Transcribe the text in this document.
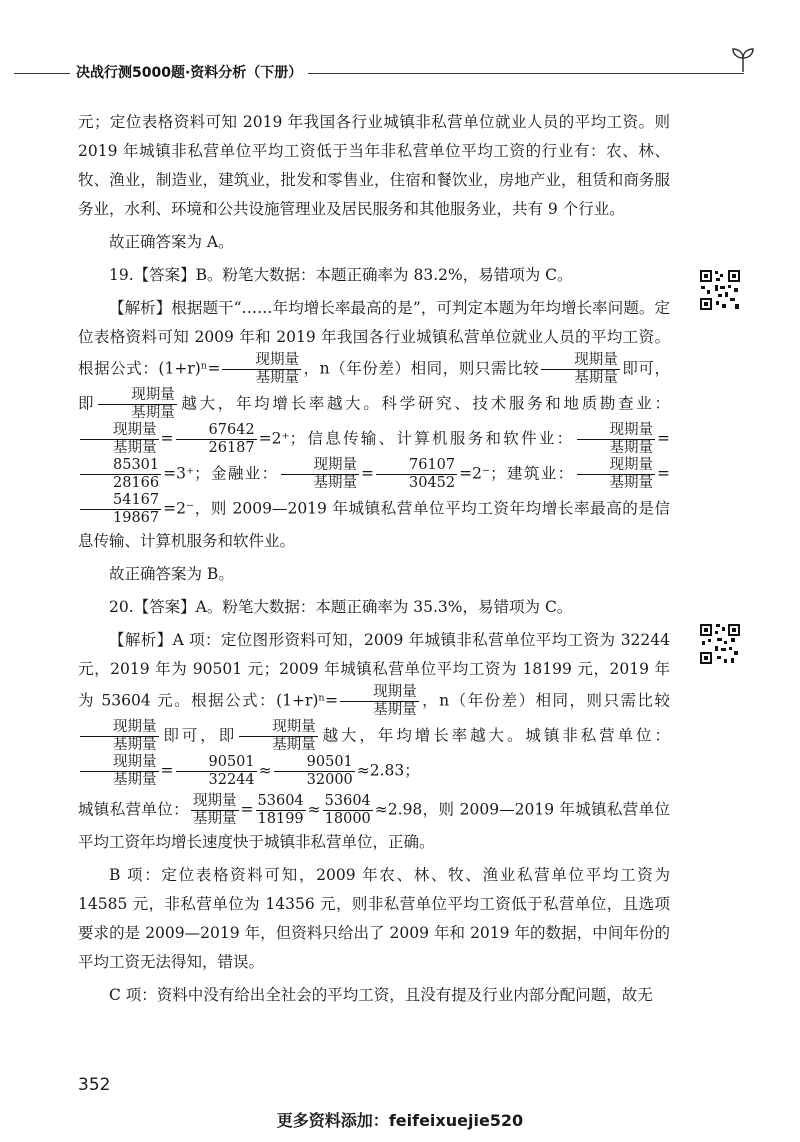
决战行测5000题·资料分析（下册）

元；定位表格资料可知 2019 年我国各行业城镇非私营单位就业人员的平均工资。则 2019 年城镇非私营单位平均工资低于当年非私营单位平均工资的行业有：农、林、牧、渔业，制造业，建筑业，批发和零售业，住宿和餐饮业，房地产业，租赁和商务服务业，水利、环境和公共设施管理业及居民服务和其他服务业，共有 9 个行业。

故正确答案为 A。

19.【答案】B。粉笔大数据：本题正确率为 83.2%，易错项为 C。

【解析】根据题干“……年均增长率最高的是”，可判定本题为年均增长率问题。定位表格资料可知 2009 年和 2019 年我国各行业城镇私营单位就业人员的平均工资。根据公式：$(1+r)^n= \frac{\text{现期量}}{\text{基期量}}$ ，n（年份差）相同，则只需比较 $\frac{\text{现期量}}{\text{基期量}}$ 即可，即 $\frac{\text{现期量}}{\text{基期量}}$ 越大，年均增长率越大。科学研究、技术服务和地质勘查业：
$\frac{\text{现期量}}{\text{基期量}} = \frac{67642}{26187} =2^+$；信息传输、计算机服务和软件业： $\frac{\text{现期量}}{\text{基期量}}$ =
$\frac{85301}{28166} =3^+$；金融业： $\frac{\text{现期量}}{\text{基期量}} = \frac{76107}{30452} =2^-$；建筑业： $\frac{\text{现期量}}{\text{基期量}}$ =
$\frac{54167}{19867} =2^-$，则 2009—2019 年城镇私营单位平均工资年均增长率最高的是信息传输、计算机服务和软件业。

故正确答案为 B。

20.【答案】A。粉笔大数据：本题正确率为 35.3%，易错项为 C。

【解析】A 项：定位图形资料可知，2009 年城镇非私营单位平均工资为 32244 元，2019 年为 90501 元；2009 年城镇私营单位平均工资为 18199 元，2019 年为 53604 元。根据公式：$(1+r)^n= \frac{\text{现期量}}{\text{基期量}}$ ，n（年份差）相同，则只需比较
$\frac{\text{现期量}}{\text{基期量}}$ 即可，即 $\frac{\text{现期量}}{\text{基期量}}$ 越大，年均增长率越大。城镇非私营单位：
$\frac{\text{现期量}}{\text{基期量}} = \frac{90501}{32244} \approx \frac{90501}{32000} \approx 2.83$；

城镇私营单位： $\frac{\text{现期量}}{\text{基期量}} = \frac{53604}{18199} \approx \frac{53604}{18000} \approx 2.98$，则 2009—2019 年城镇私营单位平均工资年均增长速度快于城镇非私营单位，正确。

B 项：定位表格资料可知，2009 年农、林、牧、渔业私营单位平均工资为 14585 元，非私营单位为 14356 元，则非私营单位平均工资低于私营单位，且选项要求的是 2009—2019 年，但资料只给出了 2009 年和 2019 年的数据，中间年份的平均工资无法得知，错误。

C 项：资料中没有给出全社会的平均工资，且没有提及行业内部分配问题，故无

352
更多资料添加：feifeixuejie520
